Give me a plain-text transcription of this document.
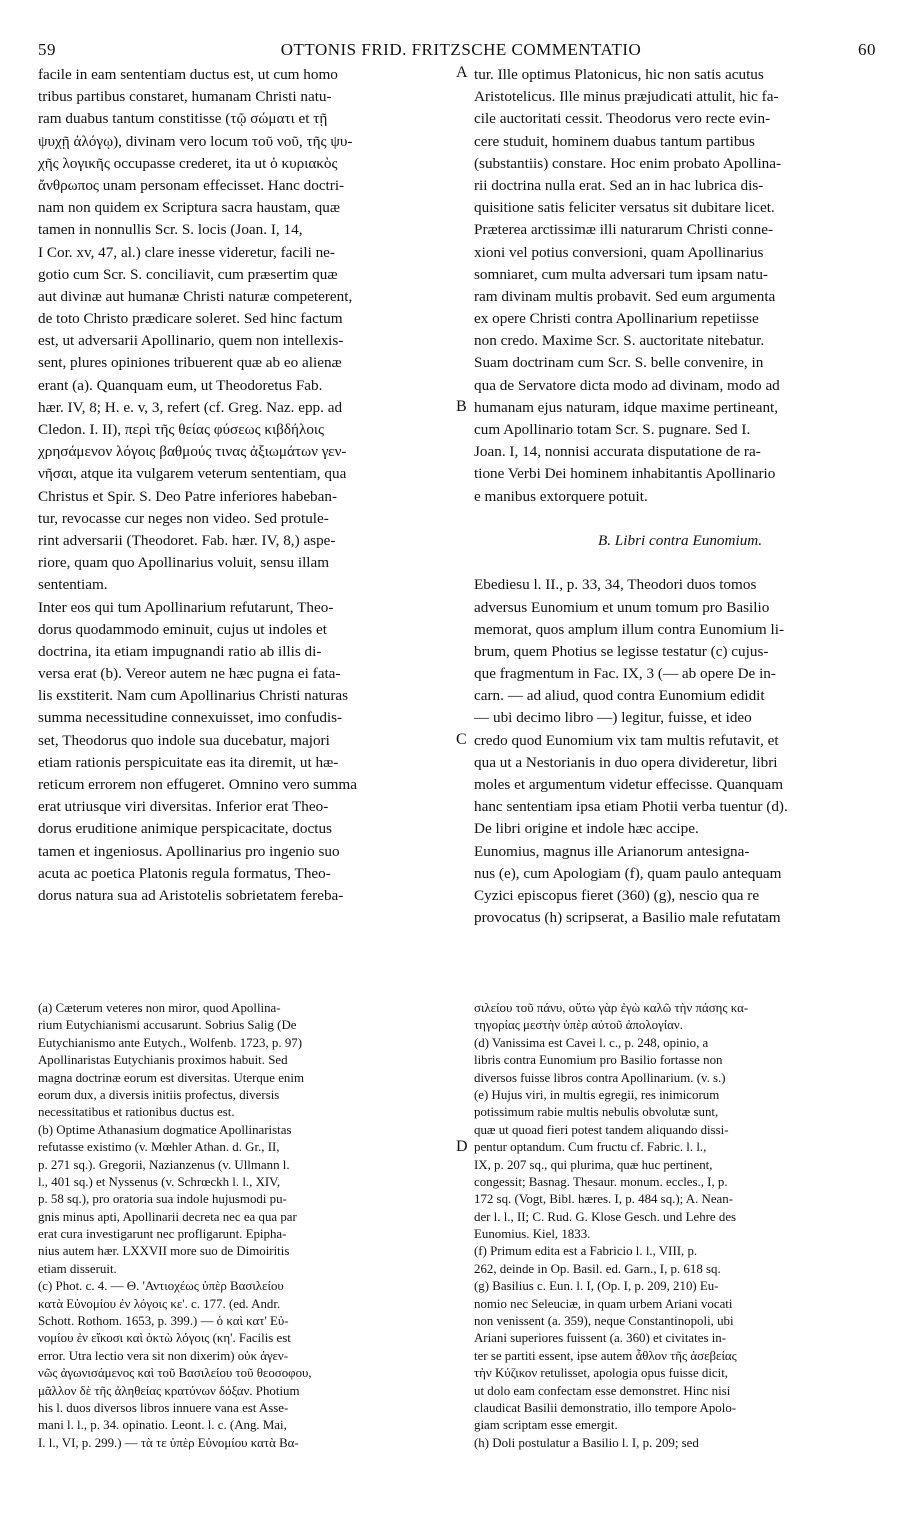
59	OTTONIS FRID. FRITZSCHE COMMENTATIO	60
facile in eam sententiam ductus est, ut cum homo
tribus partibus constaret, humanam Christi natu-
ram duabus tantum constitisse (τῷ σώματι et τῇ
ψυχῇ ἀλόγῳ), divinam vero locum τοῦ νοῦ, τῆς ψυ-
χῆς λογικῆς occupasse crederet, ita ut ὁ κυριακὸς
ἄνθρωπος unam personam effecisset. Hanc doctri-
nam non quidem ex Scriptura sacra haustam, quæ
tamen in nonnullis Scr. S. locis (Joan. I, 14,
I Cor. xv, 47, al.) clare inesse videretur, facili ne-
gotio cum Scr. S. conciliavit, cum præsertim quæ
aut divinæ aut humanæ Christi naturæ competerent,
de toto Christo prædicare soleret. Sed hinc factum
est, ut adversarii Apollinario, quem non intellexis-
sent, plures opiniones tribuerent quæ ab eo alienæ
erant (a). Quanquam eum, ut Theodoretus Fab.
hær. IV, 8; H. e. v, 3, refert (cf. Greg. Naz. epp. ad
Cledon. I. II), περὶ τῆς θείας φύσεως κιβδήλοις
χρησάμενον λόγοις βαθμούς τινας ἀξιωμάτων γεν-
νῆσαι, atque ita vulgarem veterum sententiam, qua
Christus et Spir. S. Deo Patre inferiores habeban-
tur, revocasse cur neges non video. Sed protule-
rint adversarii (Theodoret. Fab. hær. IV, 8,) aspe-
riore, quam quo Apollinarius voluit, sensu illam
sententiam.
Inter eos qui tum Apollinarium refutarunt, Theo-
dorus quodammodo eminuit, cujus ut indoles et
doctrina, ita etiam impugnandi ratio ab illis di-
versa erat (b). Vereor autem ne hæc pugna ei fata-
lis exstiterit. Nam cum Apollinarius Christi naturas
summa necessitudine connexuisset, imo confudis-
set, Theodorus quo indole sua ducebatur, majori
etiam rationis perspicuitate eas ita diremit, ut hæ-
reticum errorem non effugeret. Omnino vero summa
erat utriusque viri diversitas. Inferior erat Theo-
dorus eruditione animique perspicacitate, doctus
tamen et ingeniosus. Apollinarius pro ingenio suo
acuta ac poetica Platonis regula formatus, Theo-
dorus natura sua ad Aristotelis sobrietatem fereba-
tur. Ille optimus Platonicus, hic non satis acutus
Aristotelicus. Ille minus præjudicati attulit, hic fa-
cile auctoritati cessit. Theodorus vero recte evin-
cere studuit, hominem duabus tantum partibus
(substantiis) constare. Hoc enim probato Apollina-
rii doctrina nulla erat. Sed an in hac lubrica dis-
quisitione satis feliciter versatus sit dubitare licet.
Præterea arctissimæ illi naturarum Christi conne-
xioni vel potius conversioni, quam Apollinarius
somniaret, cum multa adversari tum ipsam natu-
ram divinam multis probavit. Sed eum argumenta
ex opere Christi contra Apollinarium repetiisse
non credo. Maxime Scr. S. auctoritate nitebatur.
Suam doctrinam cum Scr. S. belle convenire, in
qua de Servatore dicta modo ad divinam, modo ad
humanam ejus naturam, idque maxime pertineant,
cum Apollinario totam Scr. S. pugnare. Sed I.
Joan. I, 14, nonnisi accurata disputatione de ra-
tione Verbi Dei hominem inhabitantis Apollinario
e manibus extorquere potuit.
B. Libri contra Eunomium.
Ebediesu l. II., p. 33, 34, Theodori duos tomos
adversus Eunomium et unum tomum pro Basilio
memorat, quos amplum illum contra Eunomium li-
brum, quem Photius se legisse testatur (c) cujus-
que fragmentum in Fac. IX, 3 (— ab opere De in-
carn. — ad aliud, quod contra Eunomium edidit
— ubi decimo libro —) legitur, fuisse, et ideo
credo quod Eunomium vix tam multis refutavit, et
qua ut a Nestorianis in duo opera divideretur, libri
moles et argumentum videtur effecisse. Quanquam
hanc sententiam ipsa etiam Photii verba tuentur (d).
De libri origine et indole hæc accipe.
Eunomius, magnus ille Arianorum antesigna-
nus (e), cum Apologiam (f), quam paulo antequam
Cyzici episcopus fieret (360) (g), nescio qua re
provocatus (h) scripserat, a Basilio male refutatam
A
B
C
D
(a) Cæterum veteres non miror, quod Apollina-
rium Eutychianismi accusarunt. Sobrius Salig (De
Eutychianismo ante Eutych., Wolfenb. 1723, p. 97)
Apollinaristas Eutychianis proximos habuit. Sed
magna doctrinæ eorum est diversitas. Uterque enim
eorum dux, a diversis initiis profectus, diversis
necessitatibus et rationibus ductus est.
(b) Optime Athanasium dogmatice Apollinaristas
refutasse existimo (v. Mœhler Athan. d. Gr., II,
p. 271 sq.). Gregorii, Nazianzenus (v. Ullmann l.
l., 401 sq.) et Nyssenus (v. Schrœckh l. l., XIV,
p. 58 sq.), pro oratoria sua indole hujusmodi pu-
gnis minus apti, Apollinarii decreta nec ea qua par
erat cura investigarunt nec profligarunt. Epipha-
nius autem hær. LXXVII more suo de Dimoiritis
etiam disseruit.
(c) Phot. c. 4. — Θ. 'Αντιοχέως ὑπὲρ Βασιλείου
κατὰ Εὐνομίου ἐν λόγοις κε'. c. 177. (ed. Andr.
Schott. Rothom. 1653, p. 399.) — ὁ καὶ κατ' Εὐ-
νομίου ἐν εἴκοσι καὶ ὀκτὼ λόγοις (κη'. Facilis est
error. Utra lectio vera sit non dixerim) οὐκ ἀγεν-
νῶς ἀγωνισάμενος καὶ τοῦ Βασιλείου τοῦ θεοσοφου,
μᾶλλον δὲ τῆς ἀληθείας κρατύνων δόξαν. Photium
his l. duos diversos libros innuere vana est Asse-
mani l. l., p. 34. opinatio. Leont. l. c. (Ang. Mai,
I. l., VI, p. 299.) — τὰ τε ὑπὲρ Εὐνομίου κατὰ Βα-
σιλείου τοῦ πάνυ, οὕτω γὰρ ἐγὼ καλῶ τὴν πάσης κα-
τηγορίας μεστὴν ὑπὲρ αὐτοῦ ἀπολογίαν.
(d) Vanissima est Cavei l. c., p. 248, opinio, a
libris contra Eunomium pro Basilio fortasse non
diversos fuisse libros contra Apollinarium. (v. s.)
(e) Hujus viri, in multis egregii, res inimicorum
potissimum rabie multis nebulis obvolutæ sunt,
quæ ut quoad fieri potest tandem aliquando dissi-
pentur optandum. Cum fructu cf. Fabric. l. l.,
IX, p. 207 sq., qui plurima, quæ huc pertinent,
congessit; Basnag. Thesaur. monum. eccles., I, p.
172 sq. (Vogt, Bibl. hæres. I, p. 484 sq.); A. Nean-
der l. l., II; C. Rud. G. Klose Gesch. und Lehre des
Eunomius. Kiel, 1833.
(f) Primum edita est a Fabricio l. l., VIII, p.
262, deinde in Op. Basil. ed. Garn., I, p. 618 sq.
(g) Basilius c. Eun. l. I, (Op. I, p. 209, 210) Eu-
nomio nec Seleuciæ, in quam urbem Ariani vocati
non venissent (a. 359), neque Constantinopoli, ubi
Ariani superiores fuissent (a. 360) et civitates in-
ter se partiti essent, ipse autem ἆθλον τῆς ἀσεβείας
τὴν Κύζικον retulisset, apologia opus fuisse dicit,
ut dolo eam confectam esse demonstret. Hinc nisi
claudicat Basilii demonstratio, illo tempore Apolo-
giam scriptam esse emergit.
(h) Doli postulatur a Basilio l. I, p. 209; sed
